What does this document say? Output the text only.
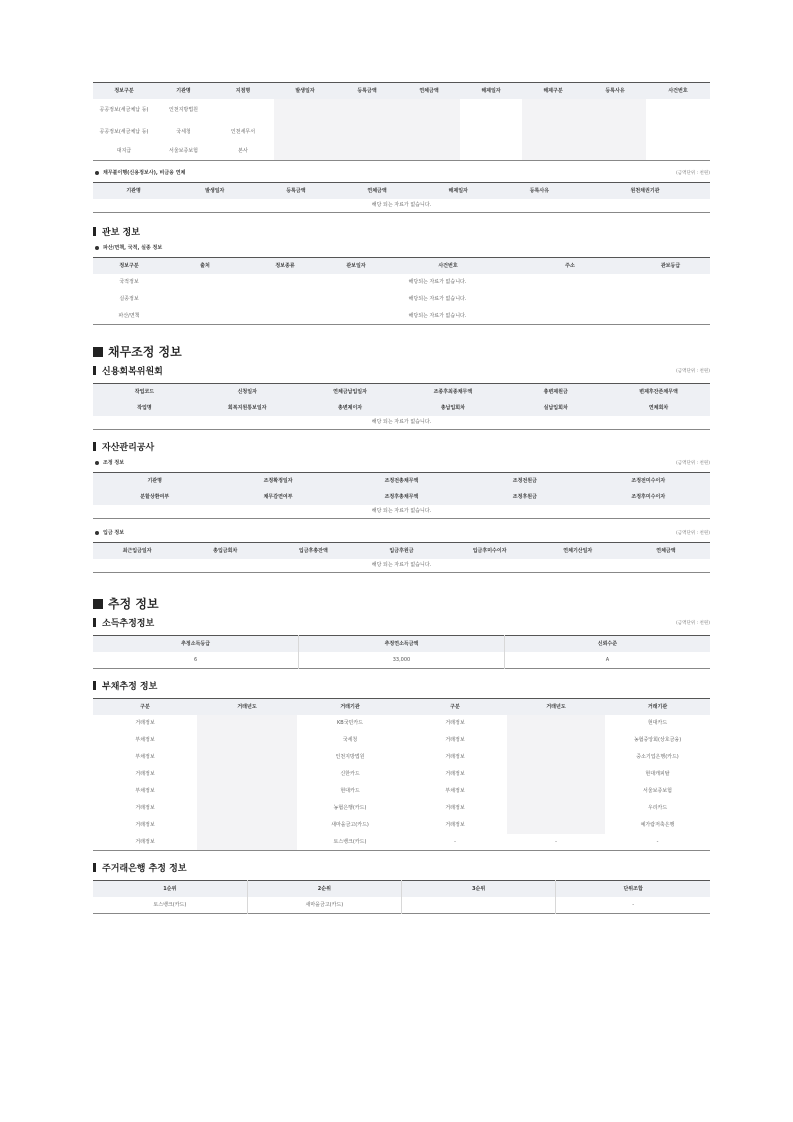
정보구분	기관명	지점명	발생일자	등록금액	연체금액	해제일자	해제구분	등록사유	사건번호
공공정보(세금체납 등)	인천지방법원								
공공정보(세금체납 등)	국세청	인천세무서							
대지급	서울보증보험	본사							
채무불이행(신용정보사), 비금융 연체	(금액단위 : 천원)
기관명	발생일자	등록금액	연체금액	해제일자	등록사유	원천채권기관
해당 되는 자료가 없습니다.
관보 정보
파산/면책, 국적, 실종 정보
정보구분	출처	정보종류	관보일자	사건번호	주소	관보등급
국적정보	해당되는 자료가 없습니다.					
실종정보	해당되는 자료가 없습니다.					
파산/면책	해당되는 자료가 없습니다.					
채무조정 정보
신용회복위원회	(금액단위 : 천원)
작업코드	신청일자	연체금납입일자	조종후최종채무액	총변제원금	변제후잔존채무액
작업명	회복지원통보일자	총변제이자	총납입회차	실납입회차	연체회차
해당 되는 자료가 없습니다.					
자산관리공사
조정 정보	(금액단위 : 천원)
기관명	조정확정일자	조정전총채무액	조정전원금	조정전미수이자
분할상환여부	채무감면여부	조정후총채무액	조정후원금	조정후미수이자
해당 되는 자료가 없습니다.				
입금 정보	(금액단위 : 천원)
최근입금일자	총입금회차	입금후총잔액	입금후원금	입금후미수이자	연체기산일자	연체금액
해당 되는 자료가 없습니다.
추정 정보
소득추정정보	(금액단위 : 천원)
추정소득등급	추정연소득금액	신뢰수준
6	33,000	A
부채추정 정보
구분	거래년도	거래기관	구분	거래년도	거래기관
거래정보		KB국민카드	거래정보		현대카드
부채정보		국세청	거래정보		농협중앙회(상호금융)
부채정보		인천지방법원	거래정보		중소기업은행(카드)
거래정보		신한카드	거래정보		현대캐피탈
부채정보		현대카드	부채정보		서울보증보험
거래정보		농협은행(카드)	거래정보		우리카드
거래정보		새마을금고(카드)	거래정보		예가람저축은행
거래정보		토스뱅크(카드)	-	-	-
주거래은행 추정 정보
1순위	2순위	3순위	단위조합
토스뱅크(카드)	새마을금고(카드)		-
